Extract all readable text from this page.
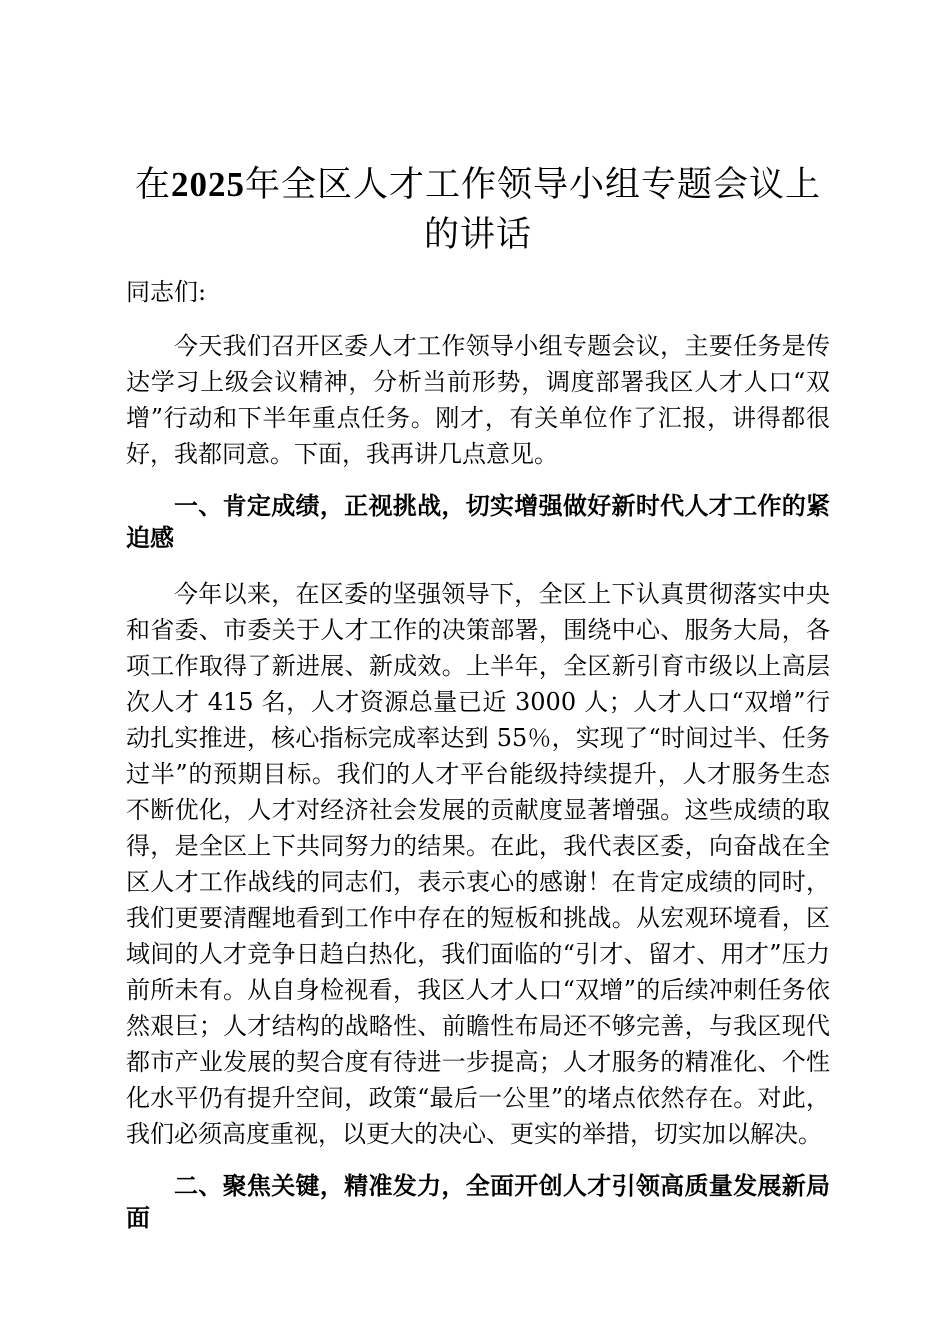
在2025年全区人才工作领导小组专题会议上的讲话

同志们:

今天我们召开区委人才工作领导小组专题会议，主要任务是传达学习上级会议精神，分析当前形势，调度部署我区人才人口“双增”行动和下半年重点任务。刚才，有关单位作了汇报，讲得都很好，我都同意。下面，我再讲几点意见。

一、肯定成绩，正视挑战，切实增强做好新时代人才工作的紧迫感

今年以来，在区委的坚强领导下，全区上下认真贯彻落实中央和省委、市委关于人才工作的决策部署，围绕中心、服务大局，各项工作取得了新进展、新成效。上半年，全区新引育市级以上高层次人才 415 名，人才资源总量已近 3000 人；人才人口“双增”行动扎实推进，核心指标完成率达到 55％，实现了“时间过半、任务过半”的预期目标。我们的人才平台能级持续提升，人才服务生态不断优化，人才对经济社会发展的贡献度显著增强。这些成绩的取得，是全区上下共同努力的结果。在此，我代表区委，向奋战在全区人才工作战线的同志们，表示衷心的感谢！在肯定成绩的同时，我们更要清醒地看到工作中存在的短板和挑战。从宏观环境看，区域间的人才竞争日趋白热化，我们面临的“引才、留才、用才”压力前所未有。从自身检视看，我区人才人口“双增”的后续冲刺任务依然艰巨；人才结构的战略性、前瞻性布局还不够完善，与我区现代都市产业发展的契合度有待进一步提高；人才服务的精准化、个性化水平仍有提升空间，政策“最后一公里”的堵点依然存在。对此，我们必须高度重视，以更大的决心、更实的举措，切实加以解决。

二、聚焦关键，精准发力，全面开创人才引领高质量发展新局面
